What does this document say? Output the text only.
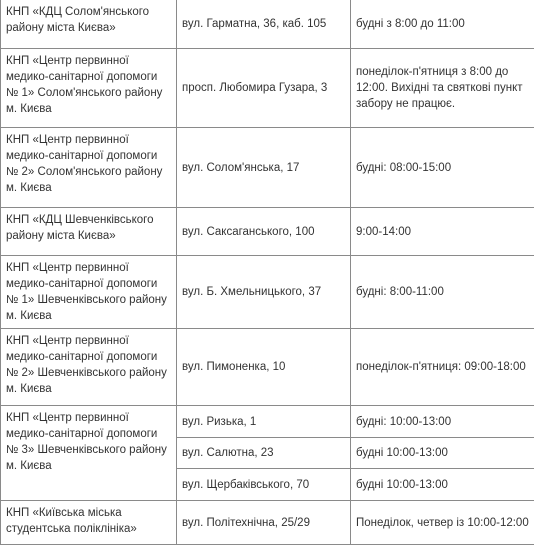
КНП «КДЦ Солом'янського району міста Києва»	вул. Гарматна, 36, каб. 105	будні з 8:00 до 11:00
КНП «Центр первинної медико-санітарної допомоги № 1» Солом'янського району м. Києва	просп. Любомира Гузара, 3	понеділок-п'ятниця з 8:00 до 12:00. Вихідні та святкові пункт забору не працює.
КНП «Центр первинної медико-санітарної допомоги № 2» Солом'янського району м. Києва	вул. Солом'янська, 17	будні: 08:00-15:00
КНП «КДЦ Шевченківського району міста Києва»	вул. Саксаганського, 100	9:00-14:00
КНП «Центр первинної медико-санітарної допомоги № 1» Шевченківського району м. Києва	вул. Б. Хмельницького, 37	будні: 8:00-11:00
КНП «Центр первинної медико-санітарної допомоги № 2» Шевченківського району м. Києва	вул. Пимоненка, 10	понеділок-п'ятниця: 09:00-18:00
КНП «Центр первинної медико-санітарної допомоги № 3» Шевченківського району м. Києва	вул. Ризька, 1	будні: 10:00-13:00
	вул. Салютна, 23	будні 10:00-13:00
	вул. Щербаківського, 70	будні 10:00-13:00
КНП «Київська міська студентська поліклініка»	вул. Політехнічна, 25/29	Понеділок, четвер із 10:00-12:00
